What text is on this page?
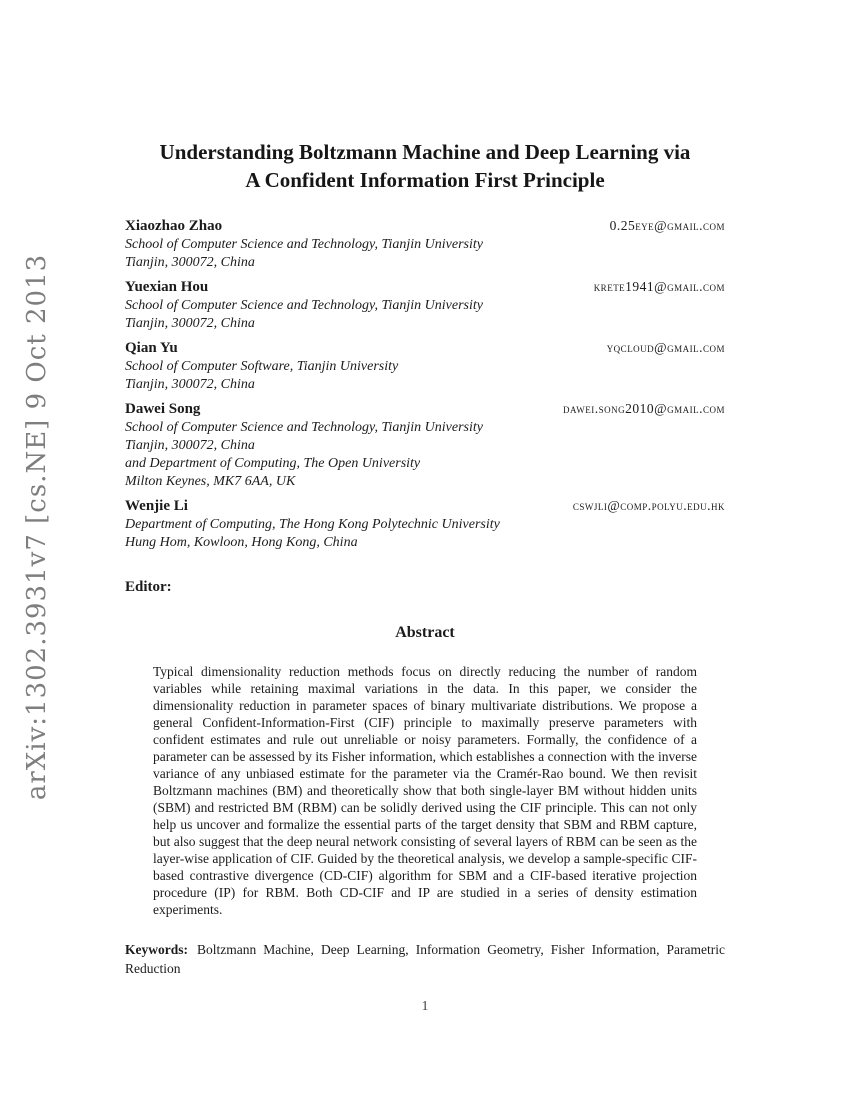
arXiv:1302.3931v7 [cs.NE] 9 Oct 2013
Understanding Boltzmann Machine and Deep Learning via
A Confident Information First Principle
Xiaozhao Zhao	0.25eye@gmail.com
School of Computer Science and Technology, Tianjin University
Tianjin, 300072, China
Yuexian Hou	krete1941@gmail.com
School of Computer Science and Technology, Tianjin University
Tianjin, 300072, China
Qian Yu	yqcloud@gmail.com
School of Computer Software, Tianjin University
Tianjin, 300072, China
Dawei Song	dawei.song2010@gmail.com
School of Computer Science and Technology, Tianjin University
Tianjin, 300072, China
and Department of Computing, The Open University
Milton Keynes, MK7 6AA, UK
Wenjie Li	cswjli@comp.polyu.edu.hk
Department of Computing, The Hong Kong Polytechnic University
Hung Hom, Kowloon, Hong Kong, China
Editor:
Abstract
Typical dimensionality reduction methods focus on directly reducing the number of random variables while retaining maximal variations in the data. In this paper, we consider the dimensionality reduction in parameter spaces of binary multivariate distributions. We propose a general Confident-Information-First (CIF) principle to maximally preserve parameters with confident estimates and rule out unreliable or noisy parameters. Formally, the confidence of a parameter can be assessed by its Fisher information, which establishes a connection with the inverse variance of any unbiased estimate for the parameter via the Cramér-Rao bound. We then revisit Boltzmann machines (BM) and theoretically show that both single-layer BM without hidden units (SBM) and restricted BM (RBM) can be solidly derived using the CIF principle. This can not only help us uncover and formalize the essential parts of the target density that SBM and RBM capture, but also suggest that the deep neural network consisting of several layers of RBM can be seen as the layer-wise application of CIF. Guided by the theoretical analysis, we develop a sample-specific CIF-based contrastive divergence (CD-CIF) algorithm for SBM and a CIF-based iterative projection procedure (IP) for RBM. Both CD-CIF and IP are studied in a series of density estimation experiments.
Keywords: Boltzmann Machine, Deep Learning, Information Geometry, Fisher Information, Parametric Reduction
1
